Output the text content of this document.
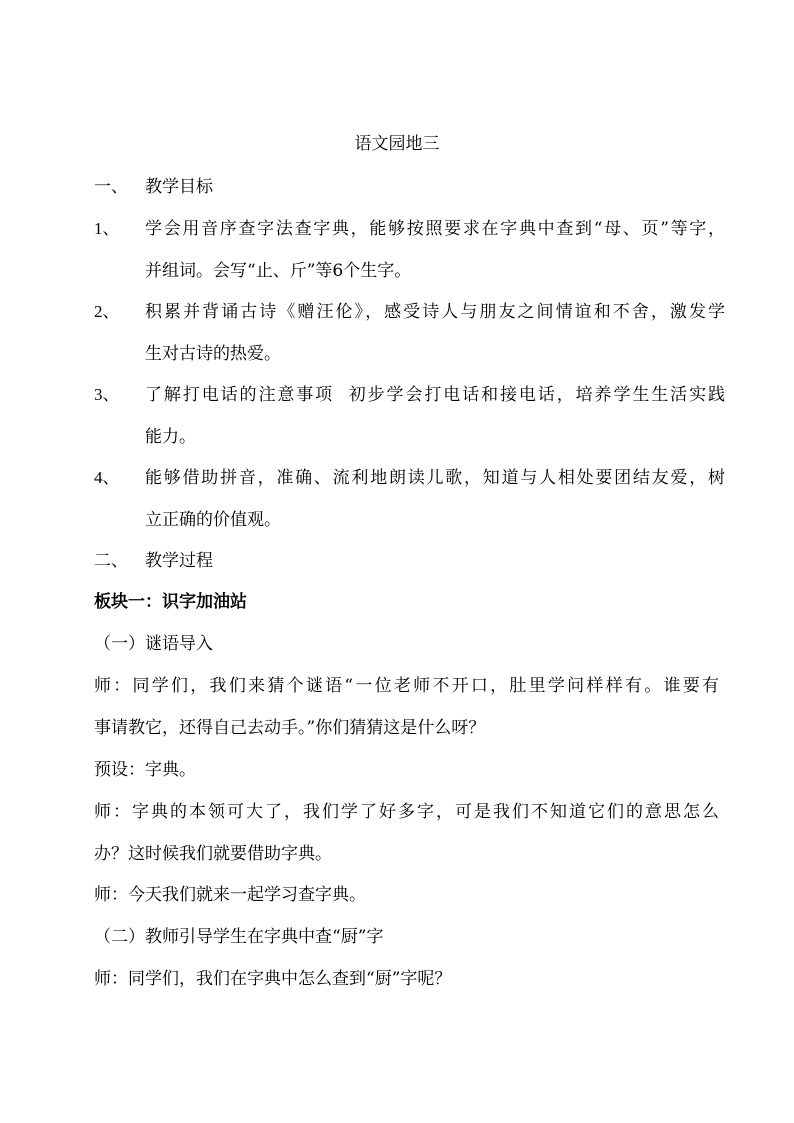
语文园地三
一、 教学目标
1、 学会用音序查字法查字典，能够按照要求在字典中查到“母、页”等字，
并组词。会写“止、斤”等6个生字。
2、 积累并背诵古诗《赠汪伦》，感受诗人与朋友之间情谊和不舍，激发学
生对古诗的热爱。
3、 了解打电话的注意事项  初步学会打电话和接电话，培养学生生活实践
能力。
4、 能够借助拼音，准确、流利地朗读儿歌，知道与人相处要团结友爱，树
立正确的价值观。
二、 教学过程
板块一：识字加油站
（一）谜语导入
师：同学们，我们来猜个谜语“一位老师不开口，肚里学问样样有。谁要有
事请教它，还得自己去动手。”你们猜猜这是什么呀？
预设：字典。
师：字典的本领可大了，我们学了好多字，可是我们不知道它们的意思怎么
办？这时候我们就要借助字典。
师：今天我们就来一起学习查字典。
（二）教师引导学生在字典中查“厨”字
师：同学们，我们在字典中怎么查到“厨”字呢？
